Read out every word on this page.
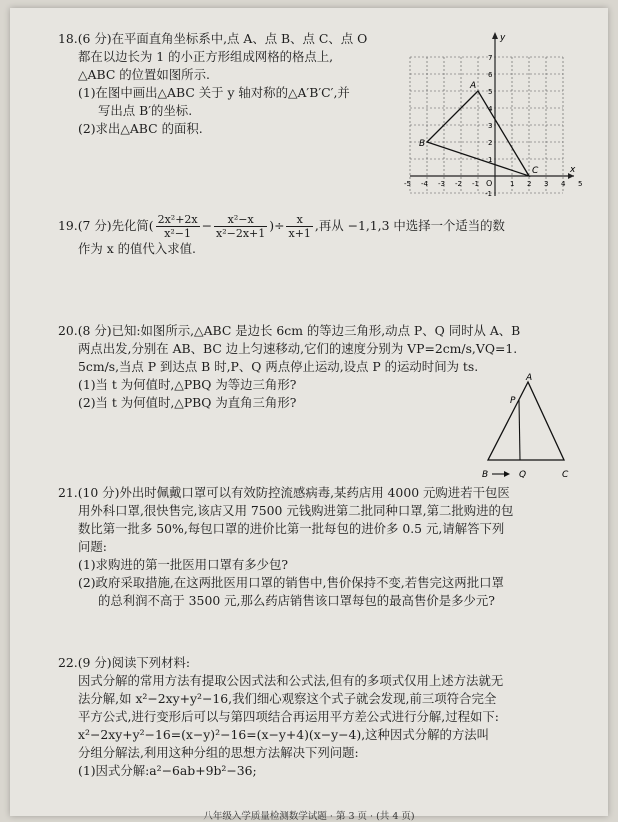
18.(6 分)在平面直角坐标系中,点 A、点 B、点 C、点 O

都在以边长为 1 的小正方形组成网格的格点上,

△ABC 的位置如图所示.

(1)在图中画出△ABC 关于 y 轴对称的△A′B′C′,并

写出点 B′的坐标.

(2)求出△ABC 的面积.

y
x
O
-5 -4 -3 -2 -1	1 2 3 4 5
7
6
5
4
3
2
1
-1
A
B
C

19.(7 分)先化简( $\frac{\text{2x²+2x}}{\text{x²−1}} - \frac{\text{x²−x}}{\text{x²−2x+1}}$ )÷ $\frac{x}{x+1}$ ,再从 −1,1,3 中选择一个适当的数

作为 x 的值代入求值.

20.(8 分)已知:如图所示,△ABC 是边长 6cm 的等边三角形,动点 P、Q 同时从 A、B

两点出发,分别在 AB、BC 边上匀速移动,它们的速度分别为 VP=2cm/s,VQ=1.

5cm/s,当点 P 到达点 B 时,P、Q 两点停止运动,设点 P 的运动时间为 ts.

(1)当 t 为何值时,△PBQ 为等边三角形?

(2)当 t 为何值时,△PBQ 为直角三角形?

A
P
B	Q	C

21.(10 分)外出时佩戴口罩可以有效防控流感病毒,某药店用 4000 元购进若干包医

用外科口罩,很快售完,该店又用 7500 元钱购进第二批同种口罩,第二批购进的包

数比第一批多 50%,每包口罩的进价比第一批每包的进价多 0.5 元,请解答下列

问题:

(1)求购进的第一批医用口罩有多少包?

(2)政府采取措施,在这两批医用口罩的销售中,售价保持不变,若售完这两批口罩

的总利润不高于 3500 元,那么药店销售该口罩每包的最高售价是多少元?

22.(9 分)阅读下列材料:

因式分解的常用方法有提取公因式法和公式法,但有的多项式仅用上述方法就无

法分解,如 x²−2xy+y²−16,我们细心观察这个式子就会发现,前三项符合完全

平方公式,进行变形后可以与第四项结合再运用平方差公式进行分解,过程如下:

x²−2xy+y²−16=(x−y)²−16=(x−y+4)(x−y−4),这种因式分解的方法叫

分组分解法,利用这种分组的思想方法解决下列问题:

(1)因式分解:a²−6ab+9b²−36;

八年级入学质量检测数学试题 · 第 3 页 · (共 4 页)
